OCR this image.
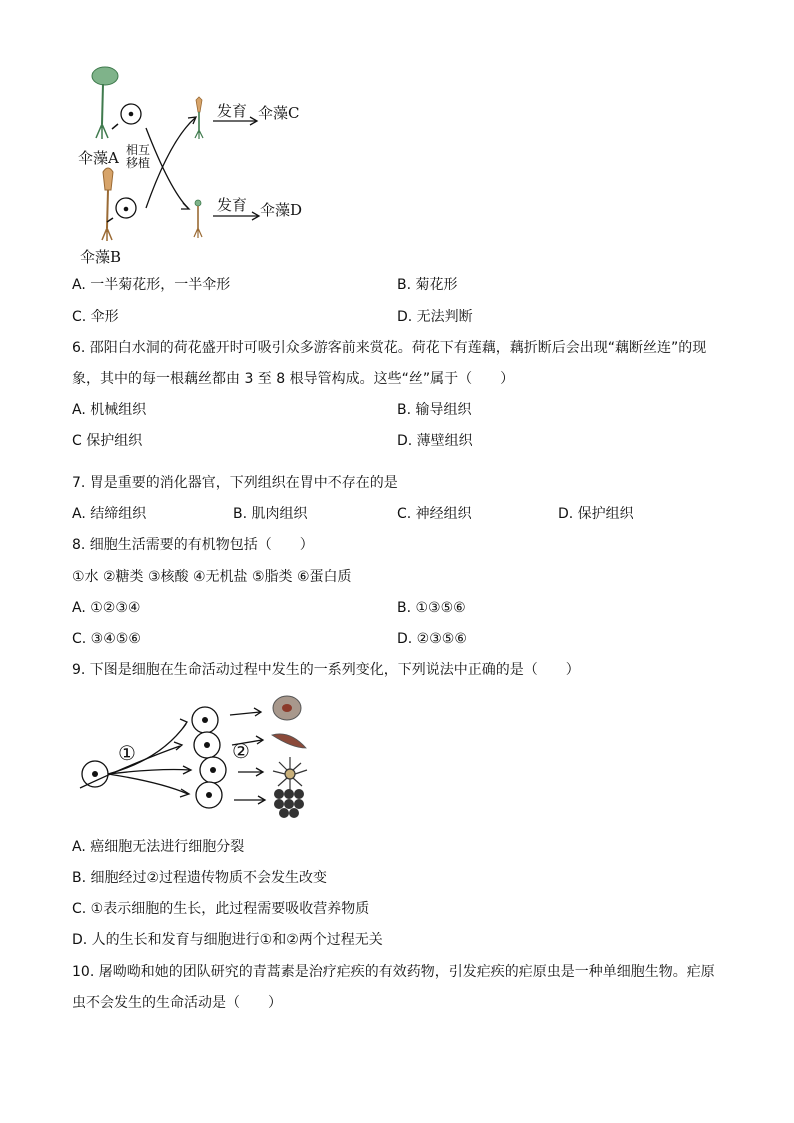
伞藻A
伞藻B
相互
移植
发育 伞藻C
发育 伞藻D
A. 一半菊花形，一半伞形	B. 菊花形
C. 伞形	D. 无法判断
6. 邵阳白水洞的荷花盛开时可吸引众多游客前来赏花。荷花下有莲藕，藕折断后会出现“藕断丝连”的现
象，其中的每一根藕丝都由 3 至 8 根导管构成。这些“丝”属于（　　）
A. 机械组织	B. 输导组织
C 保护组织	D. 薄壁组织
7. 胃是重要的消化器官，下列组织在胃中不存在的是
A. 结缔组织	B. 肌肉组织	C. 神经组织	D. 保护组织
8. 细胞生活需要的有机物包括（　　）
①水 ②糖类 ③核酸 ④无机盐 ⑤脂类 ⑥蛋白质
A. ①②③④	B. ①③⑤⑥
C. ③④⑤⑥	D. ②③⑤⑥
9. 下图是细胞在生命活动过程中发生的一系列变化，下列说法中正确的是（　　）
①	②
A. 癌细胞无法进行细胞分裂
B. 细胞经过②过程遗传物质不会发生改变
C. ①表示细胞的生长，此过程需要吸收营养物质
D. 人的生长和发育与细胞进行①和②两个过程无关
10. 屠呦呦和她的团队研究的青蒿素是治疗疟疾的有效药物，引发疟疾的疟原虫是一种单细胞生物。疟原
虫不会发生的生命活动是（　　）
